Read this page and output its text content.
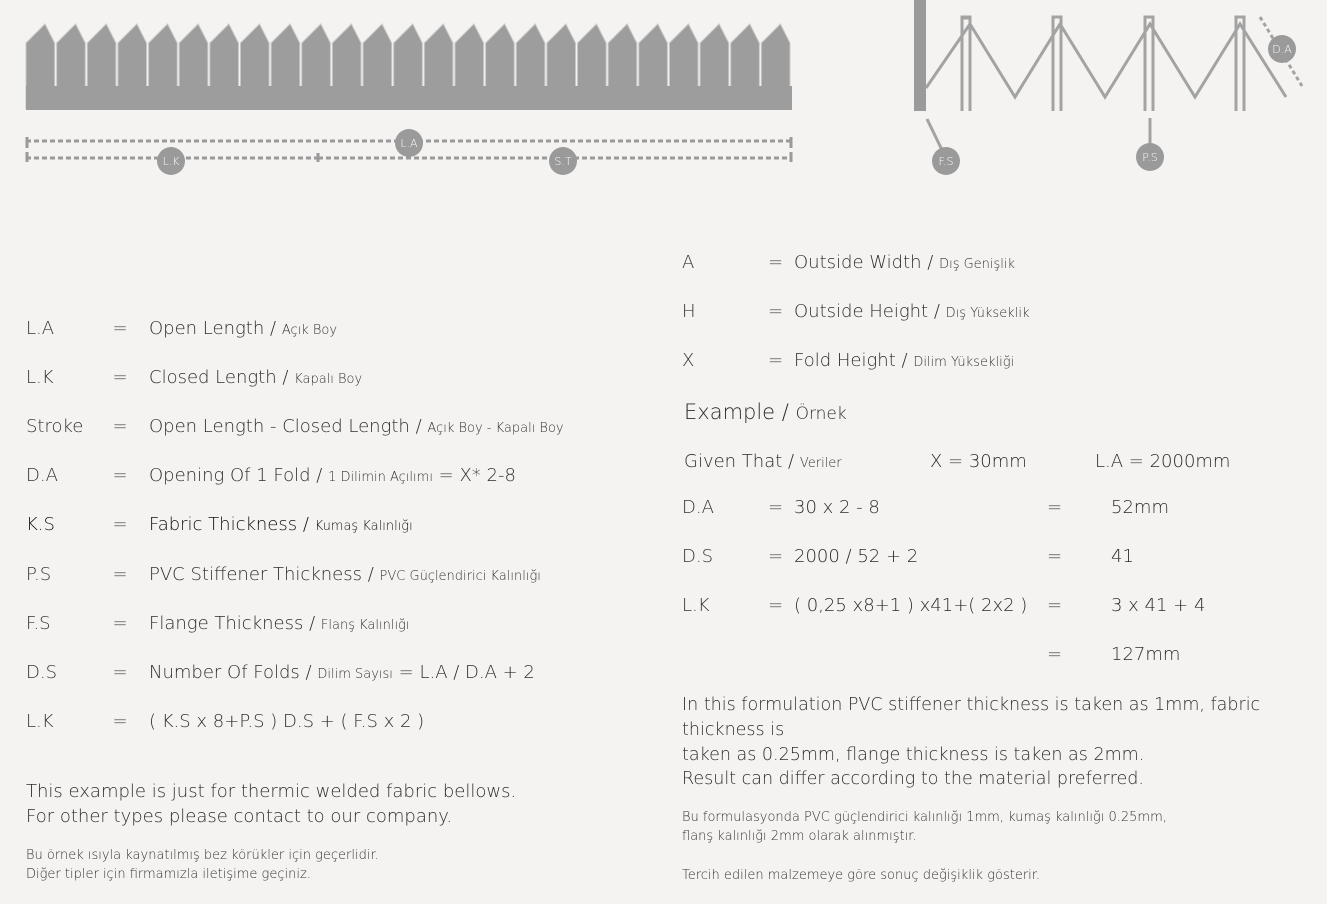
L.A
L.K	S.T
D.A
F.S	P.S
L.A	=	Open Length / Açık Boy
L.K	=	Closed Length / Kapalı Boy
Stroke	=	Open Length - Closed Length / Açık Boy - Kapalı Boy
D.A	=	Opening Of 1 Fold / 1 Dilimin Açılımı = X* 2-8
K.S	=	Fabric Thickness / Kumaş Kalınlığı
P.S	=	PVC Stiffener Thickness / PVC Güçlendirici Kalınlığı
F.S	=	Flange Thickness / Flanş Kalınlığı
D.S	=	Number Of Folds / Dilim Sayısı = L.A / D.A + 2
L.K	=	( K.S x 8+P.S ) D.S + ( F.S x 2 )
This example is just for thermic welded fabric bellows.
For other types please contact to our company.
Bu örnek ısıyla kaynatılmış bez körükler için geçerlidir.
Diğer tipler için firmamızla iletişime geçiniz.
A	= Outside Width / Dış Genişlik
H	= Outside Height / Dış Yükseklik
X	= Fold Height / Dilim Yüksekliği
Example
/
Örnek
Given That
/
Veriler	X = 30mm	L.A = 2000mm
D.A	= 30 x 2 - 8	=	52mm
D.S	= 2000 / 52 + 2	=	41
L.K	= ( 0,25 x8+1 ) x41+( 2x2 )	=	3 x 41 + 4
=	127mm
In this formulation PVC stiffener thickness is taken as 1mm, fabric thickness is
taken as 0.25mm, flange thickness is taken as 2mm.
Result can differ according to the material preferred.
Bu formulasyonda PVC güçlendirici kalınlığı 1mm, kumaş kalınlığı 0.25mm,
flanş kalınlığı 2mm olarak alınmıştır.
Tercih edilen malzemeye göre sonuç değişiklik gösterir.
